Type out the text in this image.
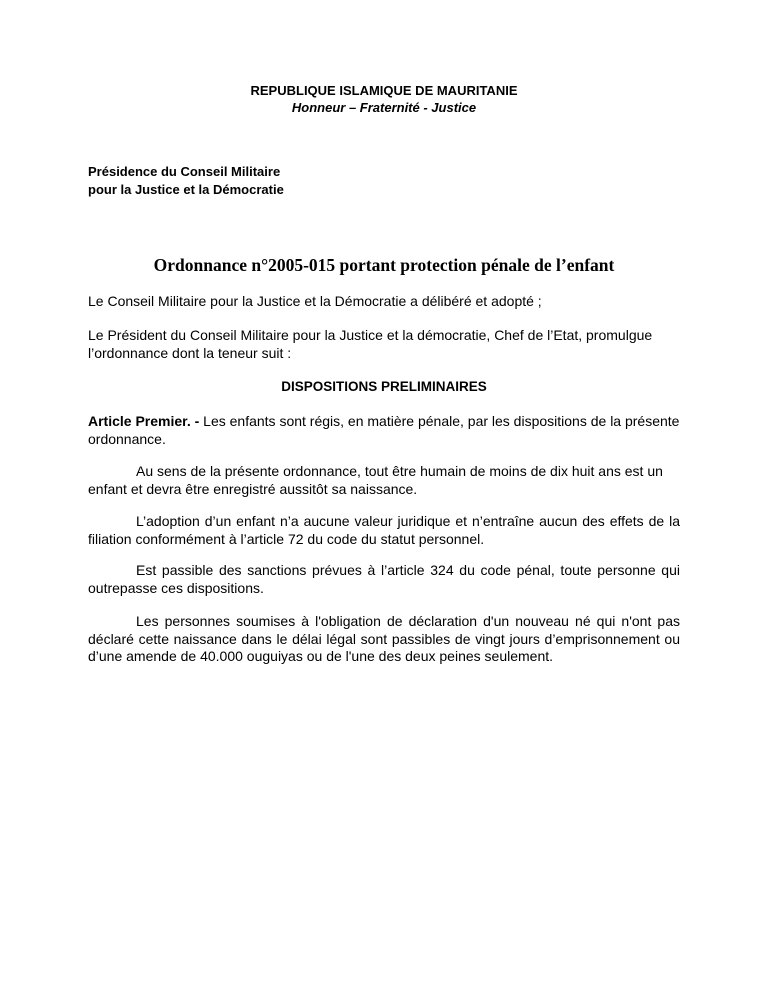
REPUBLIQUE ISLAMIQUE DE MAURITANIE
Honneur – Fraternité - Justice
Présidence du Conseil Militaire
pour la Justice et la Démocratie
Ordonnance n°2005-015 portant protection pénale de l’enfant
Le Conseil Militaire pour la Justice et la Démocratie a délibéré et adopté ;
Le Président du Conseil Militaire pour la Justice et la démocratie, Chef de l’Etat, promulgue l’ordonnance dont la teneur suit :
DISPOSITIONS PRELIMINAIRES
Article Premier. - Les enfants sont régis, en matière pénale, par les dispositions de la présente ordonnance.
Au sens de la présente ordonnance, tout être humain de moins de dix huit ans est un enfant et devra être enregistré aussitôt sa naissance.
L’adoption d’un enfant n’a aucune valeur juridique et n’entraîne aucun des effets de la filiation conformément à l’article 72 du code du statut personnel.
Est passible des sanctions prévues à l’article 324 du code pénal, toute personne qui outrepasse ces dispositions.
Les personnes soumises à l'obligation de déclaration d'un nouveau né qui n'ont pas déclaré cette naissance dans le délai légal sont passibles de vingt jours d’emprisonnement ou d’une amende de 40.000 ouguiyas ou de l'une des deux peines seulement.
